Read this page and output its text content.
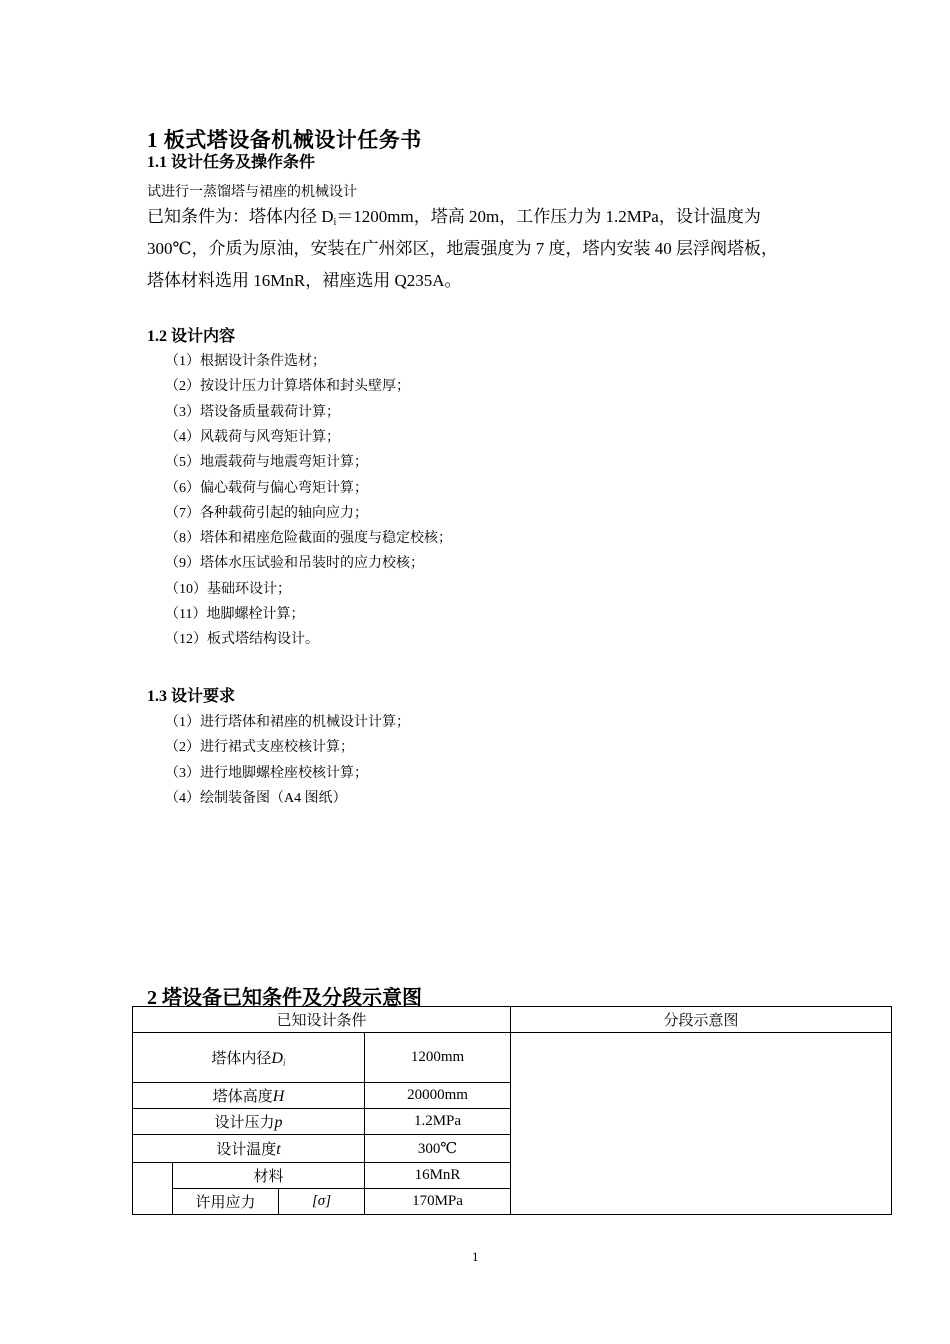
1 板式塔设备机械设计任务书
1.1 设计任务及操作条件
试进行一蒸馏塔与裙座的机械设计
已知条件为：塔体内径 Di＝1200mm，塔高 20m，工作压力为 1.2MPa，设计温度为
300℃，介质为原油，安装在广州郊区，地震强度为 7 度，塔内安装 40 层浮阀塔板，
塔体材料选用 16MnR，裙座选用 Q235A。
1.2 设计内容
（1）根据设计条件选材；
（2）按设计压力计算塔体和封头壁厚；
（3）塔设备质量载荷计算；
（4）风载荷与风弯矩计算；
（5）地震载荷与地震弯矩计算；
（6）偏心载荷与偏心弯矩计算；
（7）各种载荷引起的轴向应力；
（8）塔体和裙座危险截面的强度与稳定校核；
（9）塔体水压试验和吊装时的应力校核；
（10）基础环设计；
（11）地脚螺栓计算；
（12）板式塔结构设计。
1.3 设计要求
（1）进行塔体和裙座的机械设计计算；
（2）进行裙式支座校核计算；
（3）进行地脚螺栓座校核计算；
（4）绘制装备图（A4 图纸）
2 塔设备已知条件及分段示意图
已知设计条件				分段示意图
塔体内径$D_i$			1200mm	
塔体高度H			20000mm	
设计压力p			1.2MPa	
设计温度t			300℃	
	材料		16MnR	
	许用应力	[σ]	170MPa	
1
